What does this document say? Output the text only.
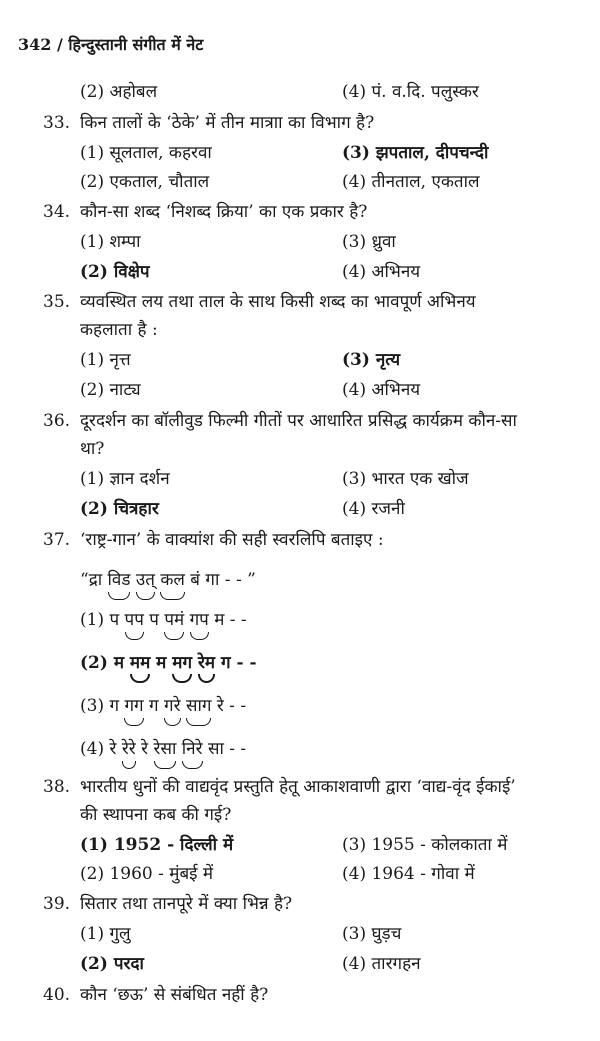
342 / हिन्दुस्तानी संगीत में नेट
(2) अहोबल	(4) पं. व.दि. पलुस्कर
33. किन तालों के ‘ठेके’ में तीन मात्राा का विभाग है?
(1) सूलताल, कहरवा	(3) झपताल, दीपचन्दी
(2) एकताल, चौताल	(4) तीनताल, एकताल
34. कौन-सा शब्द ‘निशब्द क्रिया’ का एक प्रकार है?
(1) शम्पा	(3) ध्रुवा
(2) विक्षेप	(4) अभिनय
35. व्यवस्थित लय तथा ताल के साथ किसी शब्द का भावपूर्ण अभिनय
कहलाता है :
(1) नृत्त	(3) नृत्य
(2) नाट्य	(4) अभिनय
36. दूरदर्शन का बॉलीवुड फिल्मी गीतों पर आधारित प्रसिद्ध कार्यक्रम कौन-सा
था?
(1) ज्ञान दर्शन	(3) भारत एक खोज
(2) चित्रहार	(4) रजनी
37. ‘राष्ट्र-गान’ के वाक्यांश की सही स्वरलिपि बताइए :
“द्रा विड उत् कल बं गा - - ”
(1) प पप प पमं गप म - -
(2) म मम म मग रेम ग - -
(3) ग गग ग गरे साग रे - -
(4) रे रेरे रे रेसा निरे सा - -
38. भारतीय धुनों की वाद्यवृंद प्रस्तुति हेतू आकाशवाणी द्वारा ‘वाद्य-वृंद ईकाई’
की स्थापना कब की गई?
(1) 1952 - दिल्ली में	(3) 1955 - कोलकाता में
(2) 1960 - मुंबई में	(4) 1964 - गोवा में
39. सितार तथा तानपूरे में क्या भिन्न है?
(1) गुलु	(3) घुड़च
(2) परदा	(4) तारगहन
40. कौन ‘छऊ’ से संबंधित नहीं है?
